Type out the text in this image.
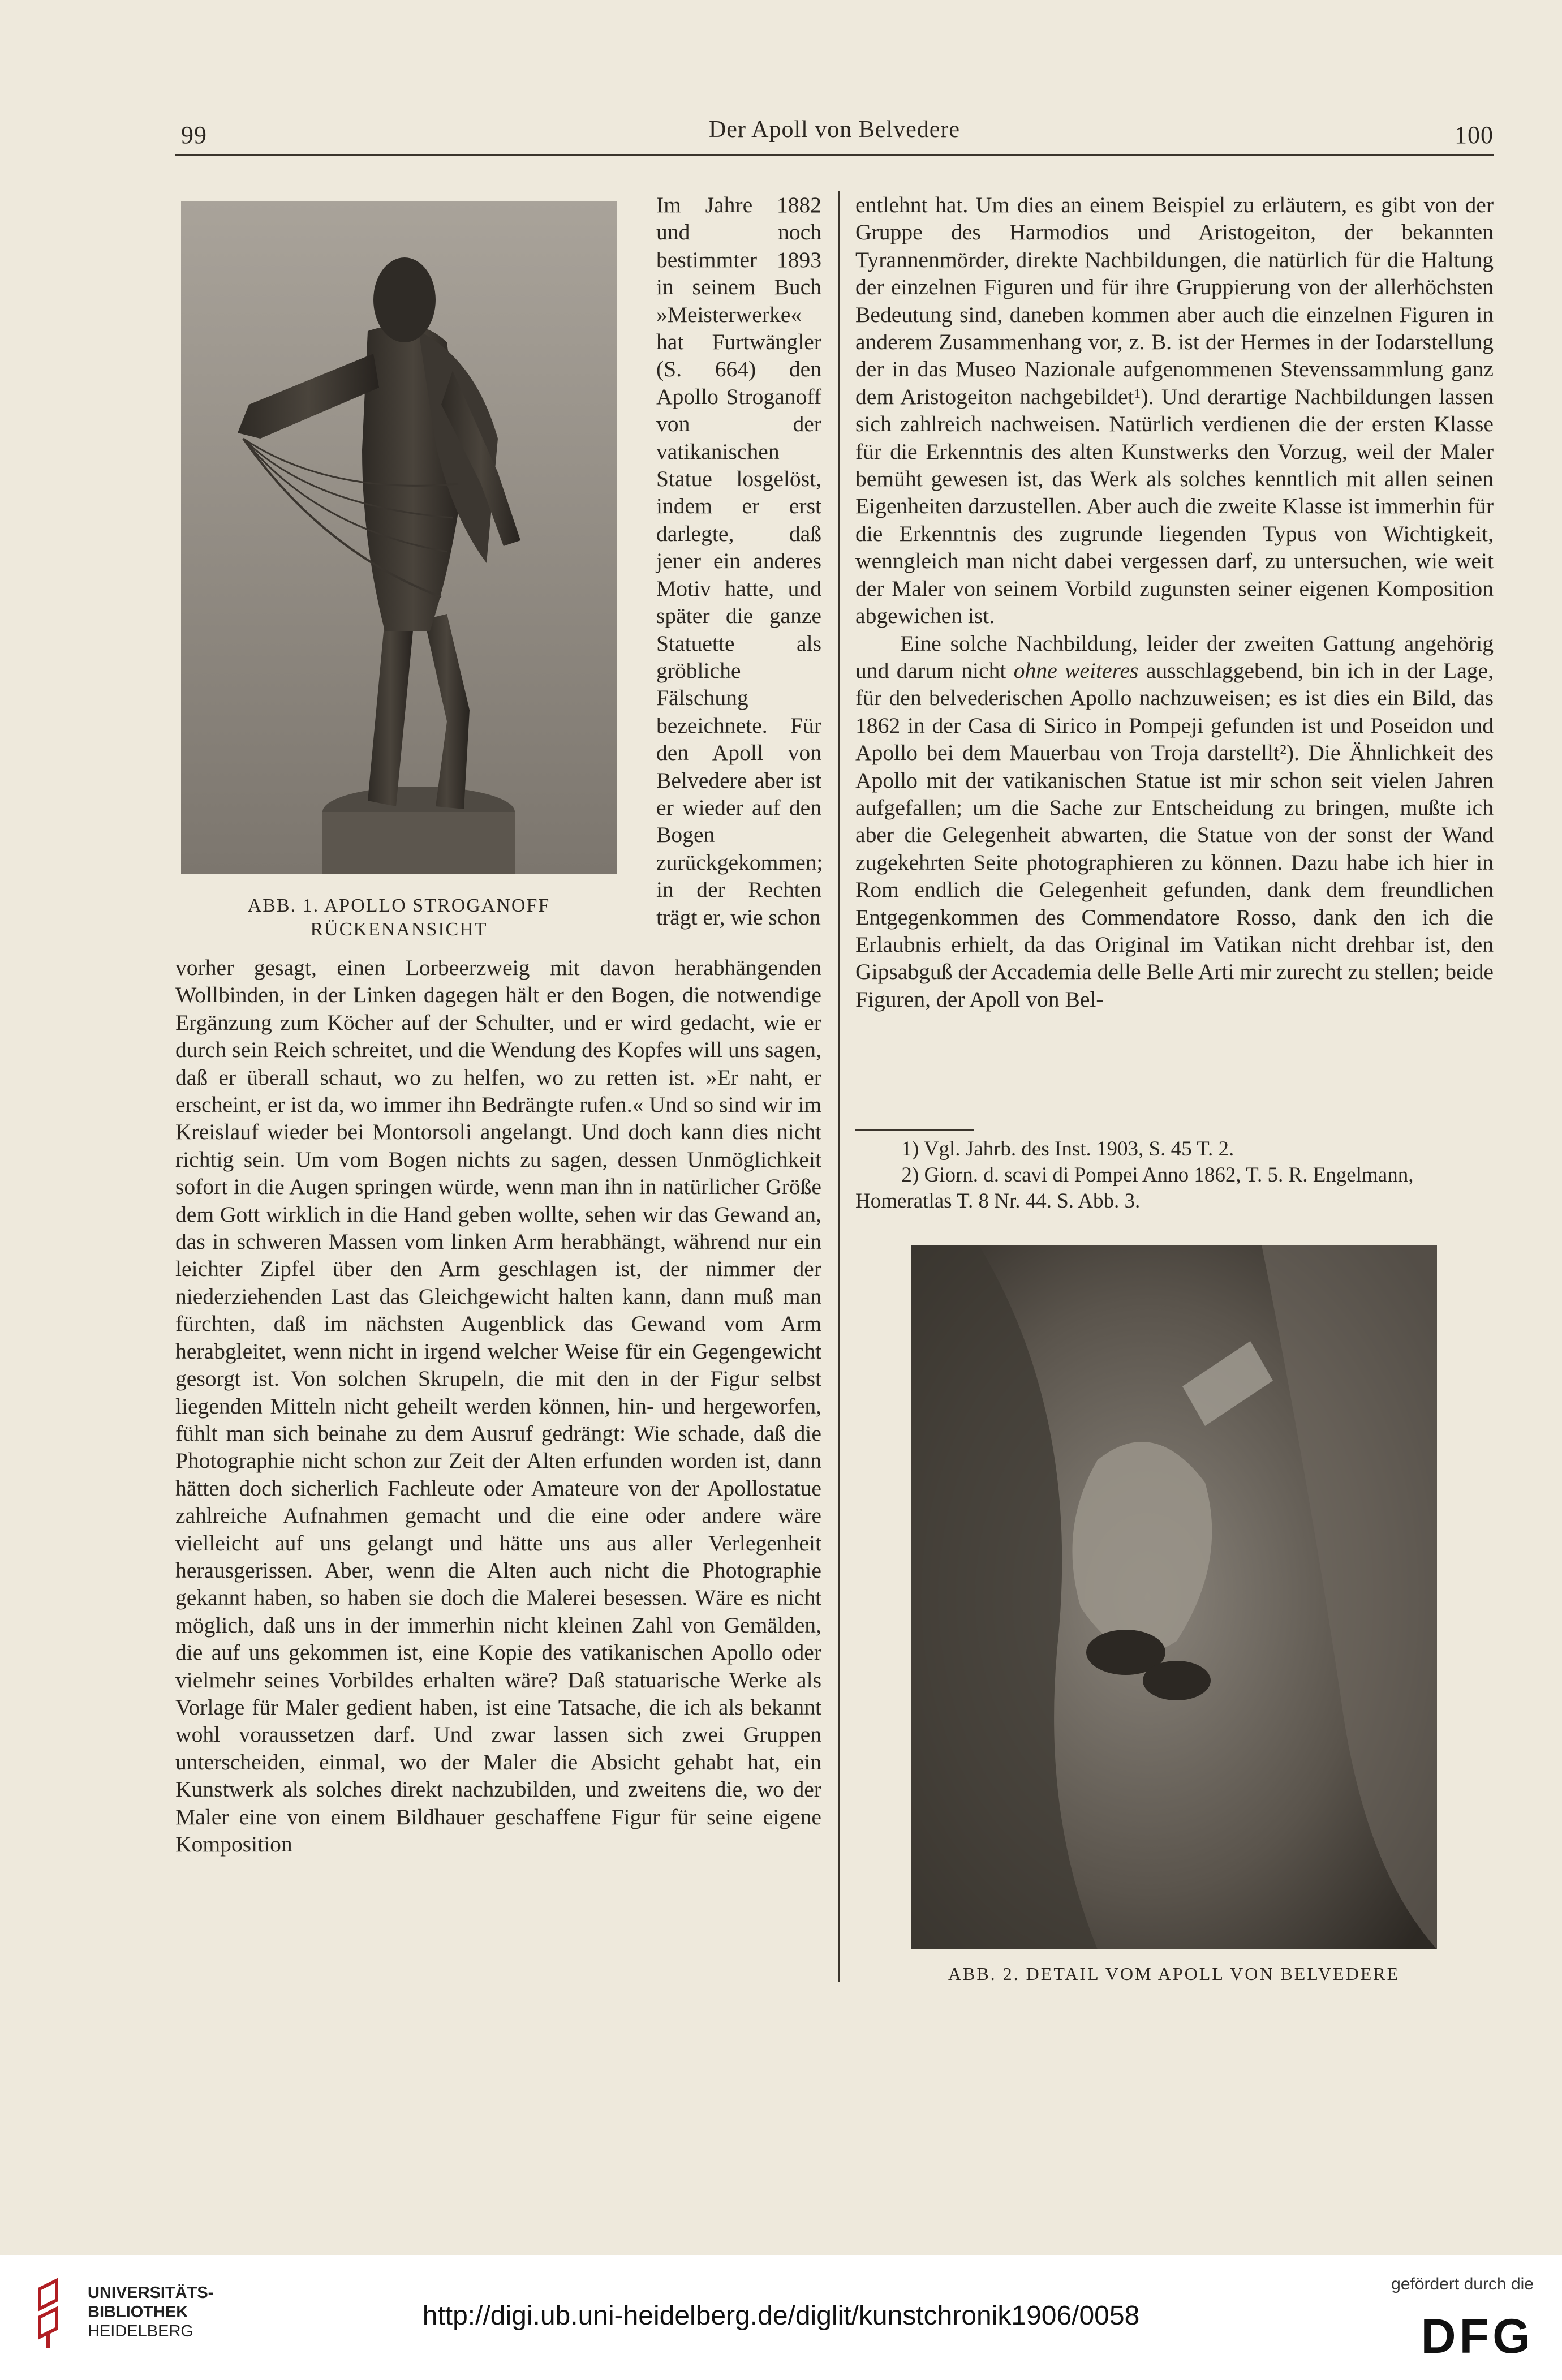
99	Der Apoll von Belvedere	100
ABB. 1. APOLLO STROGANOFF
RÜCKENANSICHT

Im Jahre 1882 und noch bestimmter 1893 in seinem Buch »Meisterwerke« hat Furtwängler (S. 664) den Apollo Stroganoff von der vatikanischen Statue losgelöst, indem er erst darlegte, daß jener ein anderes Motiv hatte, und später die ganze Statuette als gröbliche Fälschung bezeichnete. Für den Apoll von Belvedere aber ist er wieder auf den Bogen zurückgekommen; in der Rechten trägt er, wie schon

vorher gesagt, einen Lorbeerzweig mit davon herabhängenden Wollbinden, in der Linken dagegen hält er den Bogen, die notwendige Ergänzung zum Köcher auf der Schulter, und er wird gedacht, wie er durch sein Reich schreitet, und die Wendung des Kopfes will uns sagen, daß er überall schaut, wo zu helfen, wo zu retten ist. »Er naht, er erscheint, er ist da, wo immer ihn Bedrängte rufen.« Und so sind wir im Kreislauf wieder bei Montorsoli angelangt. Und doch kann dies nicht richtig sein. Um vom Bogen nichts zu sagen, dessen Unmöglichkeit sofort in die Augen springen würde, wenn man ihn in natürlicher Größe dem Gott wirklich in die Hand geben wollte, sehen wir das Gewand an, das in schweren Massen vom linken Arm herabhängt, während nur ein leichter Zipfel über den Arm geschlagen ist, der nimmer der niederziehenden Last das Gleichgewicht halten kann, dann muß man fürchten, daß im nächsten Augenblick das Gewand vom Arm herabgleitet, wenn nicht in irgend welcher Weise für ein Gegengewicht gesorgt ist. Von solchen Skrupeln, die mit den in der Figur selbst liegenden Mitteln nicht geheilt werden können, hin- und hergeworfen, fühlt man sich beinahe zu dem Ausruf gedrängt: Wie schade, daß die Photographie nicht schon zur Zeit der Alten erfunden worden ist, dann hätten doch sicherlich Fachleute oder Amateure von der Apollostatue zahlreiche Aufnahmen gemacht und die eine oder andere wäre vielleicht auf uns gelangt und hätte uns aus aller Verlegenheit herausgerissen. Aber, wenn die Alten auch nicht die Photographie gekannt haben, so haben sie doch die Malerei besessen. Wäre es nicht möglich, daß uns in der immerhin nicht kleinen Zahl von Gemälden, die auf uns gekommen ist, eine Kopie des vatikanischen Apollo oder vielmehr seines Vorbildes erhalten wäre? Daß statuarische Werke als Vorlage für Maler gedient haben, ist eine Tatsache, die ich als bekannt wohl voraussetzen darf. Und zwar lassen sich zwei Gruppen unterscheiden, einmal, wo der Maler die Absicht gehabt hat, ein Kunstwerk als solches direkt nachzubilden, und zweitens die, wo der Maler eine von einem Bildhauer geschaffene Figur für seine eigene Komposition

entlehnt hat. Um dies an einem Beispiel zu erläutern, es gibt von der Gruppe des Harmodios und Aristogeiton, der bekannten Tyrannenmörder, direkte Nachbildungen, die natürlich für die Haltung der einzelnen Figuren und für ihre Gruppierung von der allerhöchsten Bedeutung sind, daneben kommen aber auch die einzelnen Figuren in anderem Zusammenhang vor, z. B. ist der Hermes in der Iodarstellung der in das Museo Nazionale aufgenommenen Stevenssammlung ganz dem Aristogeiton nachgebildet¹). Und derartige Nachbildungen lassen sich zahlreich nachweisen. Natürlich verdienen die der ersten Klasse für die Erkenntnis des alten Kunstwerks den Vorzug, weil der Maler bemüht gewesen ist, das Werk als solches kenntlich mit allen seinen Eigenheiten darzustellen. Aber auch die zweite Klasse ist immerhin für die Erkenntnis des zugrunde liegenden Typus von Wichtigkeit, wenngleich man nicht dabei vergessen darf, zu untersuchen, wie weit der Maler von seinem Vorbild zugunsten seiner eigenen Komposition abgewichen ist.

Eine solche Nachbildung, leider der zweiten Gattung angehörig und darum nicht ohne weiteres ausschlaggebend, bin ich in der Lage, für den belvederischen Apollo nachzuweisen; es ist dies ein Bild, das 1862 in der Casa di Sirico in Pompeji gefunden ist und Poseidon und Apollo bei dem Mauerbau von Troja darstellt²). Die Ähnlichkeit des Apollo mit der vatikanischen Statue ist mir schon seit vielen Jahren aufgefallen; um die Sache zur Entscheidung zu bringen, mußte ich aber die Gelegenheit abwarten, die Statue von der sonst der Wand zugekehrten Seite photographieren zu können. Dazu habe ich hier in Rom endlich die Gelegenheit gefunden, dank dem freundlichen Entgegenkommen des Commendatore Rosso, dank den ich die Erlaubnis erhielt, da das Original im Vatikan nicht drehbar ist, den Gipsabguß der Accademia delle Belle Arti mir zurecht zu stellen; beide Figuren, der Apoll von Bel-

1) Vgl. Jahrb. des Inst. 1903, S. 45 T. 2.

2) Giorn. d. scavi di Pompei Anno 1862, T. 5. R. Engelmann, Homeratlas T. 8 Nr. 44. S. Abb. 3.

ABB. 2. DETAIL VOM APOLL VON BELVEDERE
UNIVERSITÄTS-
BIBLIOTHEK
HEIDELBERG
http://digi.ub.uni-heidelberg.de/diglit/kunstchronik1906/0058
gefördert durch die
DFG
